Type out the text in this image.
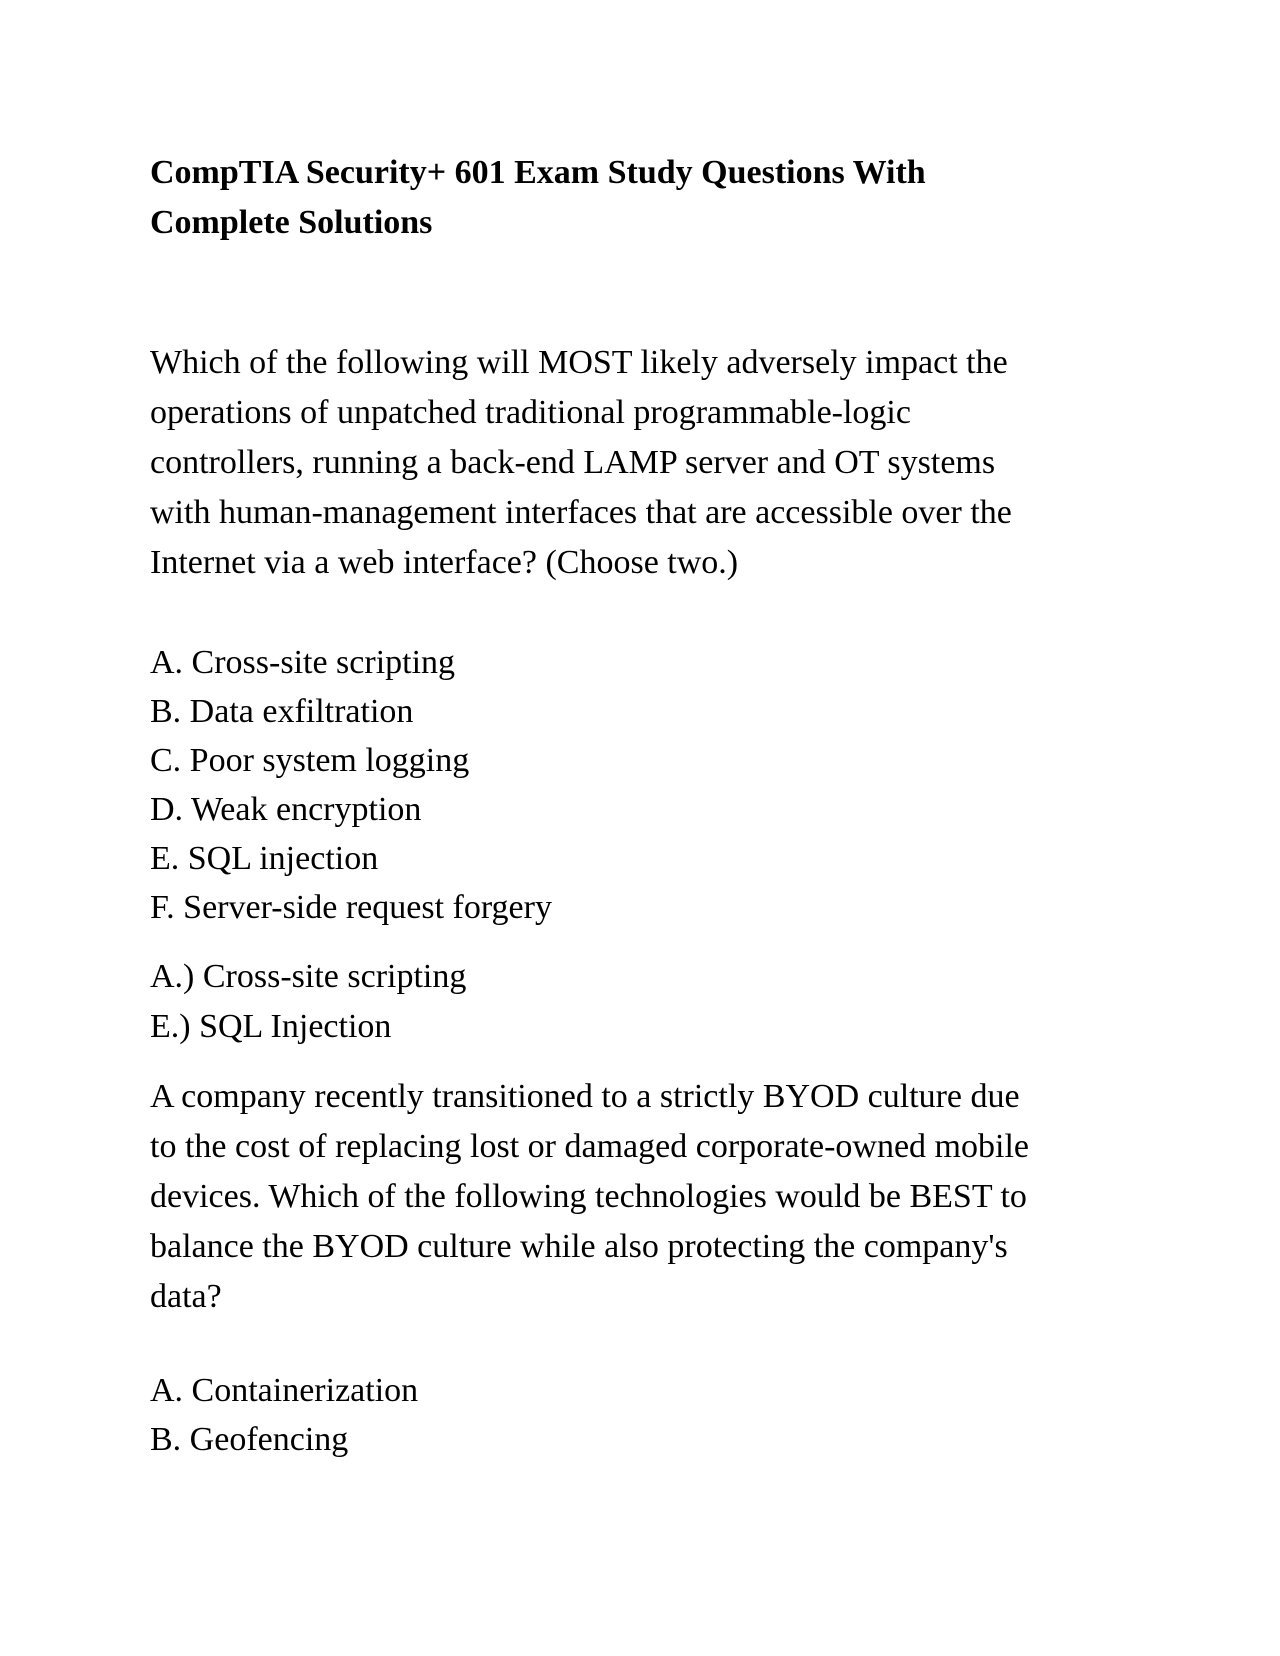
CompTIA Security+ 601 Exam Study Questions With
Complete Solutions
Which of the following will MOST likely adversely impact the
operations of unpatched traditional programmable-logic
controllers, running a back-end LAMP server and OT systems
with human-management interfaces that are accessible over the
Internet via a web interface? (Choose two.)
A. Cross-site scripting
B. Data exfiltration
C. Poor system logging
D. Weak encryption
E. SQL injection
F. Server-side request forgery
A.) Cross-site scripting
E.) SQL Injection
A company recently transitioned to a strictly BYOD culture due
to the cost of replacing lost or damaged corporate-owned mobile
devices. Which of the following technologies would be BEST to
balance the BYOD culture while also protecting the company's
data?
A. Containerization
B. Geofencing
